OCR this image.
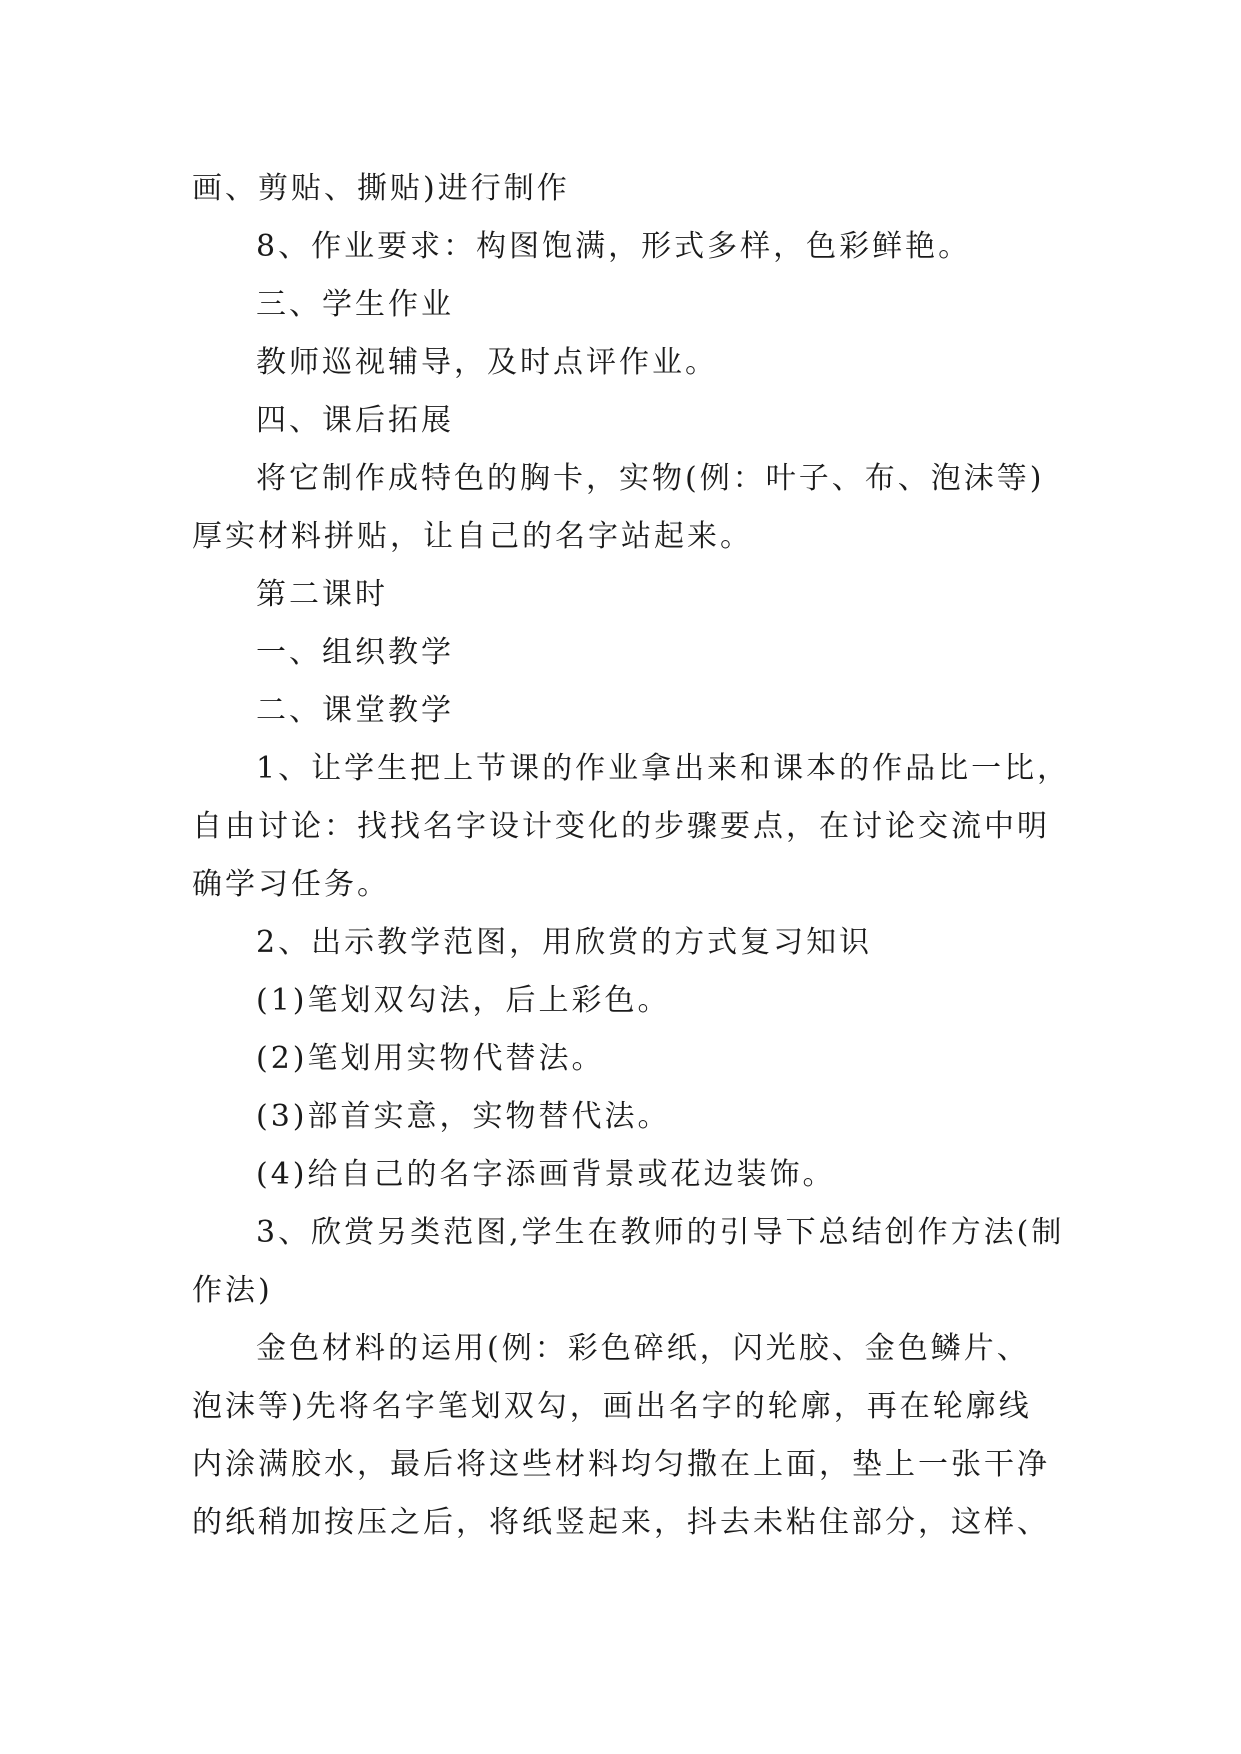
画、剪贴、撕贴)进行制作
8、作业要求：构图饱满，形式多样，色彩鲜艳。
三、学生作业
教师巡视辅导，及时点评作业。
四、课后拓展
将它制作成特色的胸卡，实物(例：叶子、布、泡沫等)
厚实材料拼贴，让自己的名字站起来。
第二课时
一、组织教学
二、课堂教学
1、让学生把上节课的作业拿出来和课本的作品比一比，
自由讨论：找找名字设计变化的步骤要点，在讨论交流中明
确学习任务。
2、出示教学范图，用欣赏的方式复习知识
(1)笔划双勾法，后上彩色。
(2)笔划用实物代替法。
(3)部首实意，实物替代法。
(4)给自己的名字添画背景或花边装饰。
3、欣赏另类范图,学生在教师的引导下总结创作方法(制
作法)
金色材料的运用(例：彩色碎纸，闪光胶、金色鳞片、
泡沫等)先将名字笔划双勾，画出名字的轮廓，再在轮廓线
内涂满胶水，最后将这些材料均匀撒在上面，垫上一张干净
的纸稍加按压之后，将纸竖起来，抖去未粘住部分，这样、
